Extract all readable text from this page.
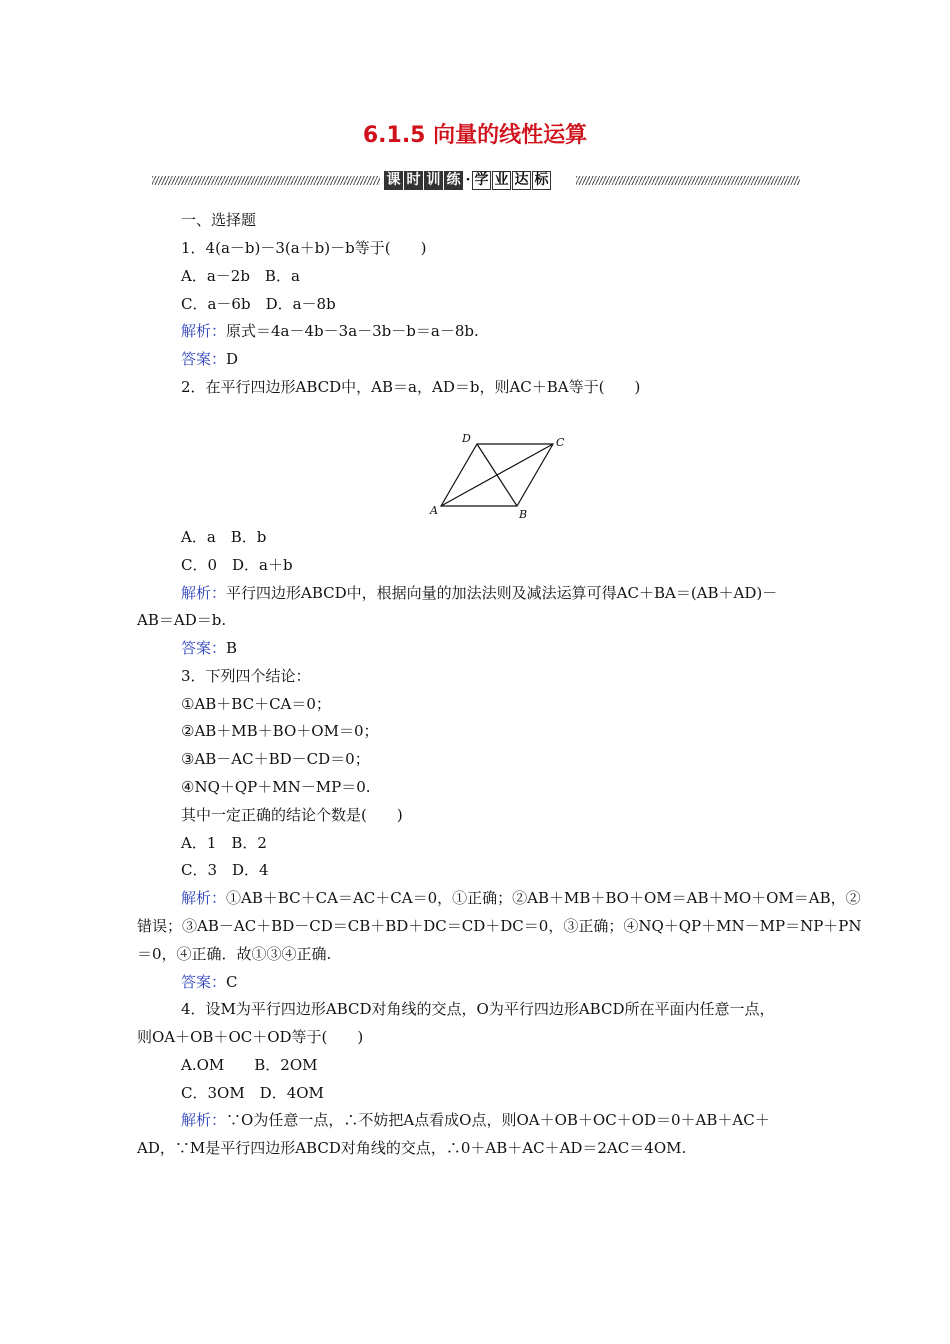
6.1.5 向量的线性运算
课 时 训 练 · 学 业 达 标
一、选择题
1．4(a－b)－3(a＋b)－b等于(　　)
A．a－2b　B．a
C．a－6b　D．a－8b
解析：原式＝4a－4b－3a－3b－b＝a－8b.
答案：D
2．在平行四边形ABCD中，AB＝a，AD＝b，则AC＋BA等于(　　)
A	B
C
D
A．a　B．b
C．0　D．a＋b
解析：平行四边形ABCD中，根据向量的加法法则及减法运算可得AC＋BA＝(AB＋AD)－
AB＝AD＝b.
答案：B
3．下列四个结论：
①AB＋BC＋CA＝0；
②AB＋MB＋BO＋OM＝0；
③AB－AC＋BD－CD＝0；
④NQ＋QP＋MN－MP＝0.
其中一定正确的结论个数是(　　)
A．1　B．2
C．3　D．4
解析：①AB＋BC＋CA＝AC＋CA＝0，①正确；②AB＋MB＋BO＋OM＝AB＋MO＋OM＝AB，②
错误；③AB－AC＋BD－CD＝CB＋BD＋DC＝CD＋DC＝0，③正确；④NQ＋QP＋MN－MP＝NP＋PN
＝0，④正确．故①③④正确.
答案：C
4．设M为平行四边形ABCD对角线的交点，O为平行四边形ABCD所在平面内任意一点，
则OA＋OB＋OC＋OD等于(　　)
A.OM　　B．2OM
C．3OM　D．4OM
解析：∵O为任意一点，∴不妨把A点看成O点，则OA＋OB＋OC＋OD＝0＋AB＋AC＋
AD，∵M是平行四边形ABCD对角线的交点，∴0＋AB＋AC＋AD＝2AC＝4OM.
